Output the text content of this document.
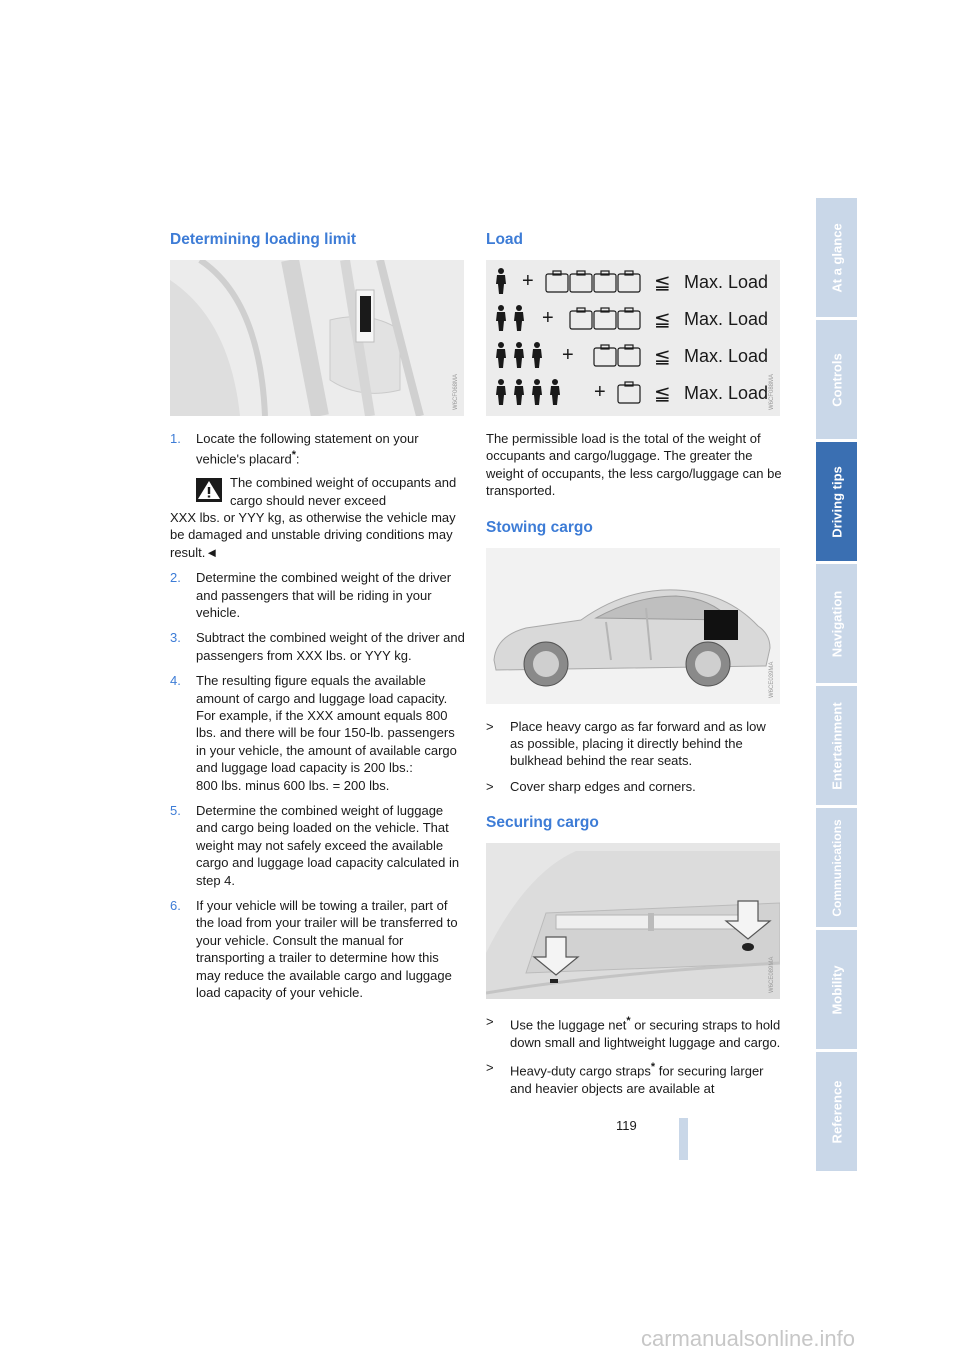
Determining loading limit
W6CF068MA
1. Locate the following statement on your vehicle's placard*:
The combined weight of occupants and cargo should never exceed
XXX lbs. or YYY kg, as otherwise the vehicle may be damaged and unstable driving conditions may result.◄
2. Determine the combined weight of the driver and passengers that will be riding in your vehicle.
3. Subtract the combined weight of the driver and passengers from XXX lbs. or YYY kg.
4. The resulting figure equals the available amount of cargo and luggage load capacity. For example, if the XXX amount equals 800 lbs. and there will be four 150-lb. passengers in your vehicle, the amount of available cargo and luggage load capacity is 200 lbs.:
800 lbs. minus 600 lbs. = 200 lbs.
5. Determine the combined weight of luggage and cargo being loaded on the vehicle. That weight may not safely exceed the available cargo and luggage load capacity calculated in step 4.
6. If your vehicle will be towing a trailer, part of the load from your trailer will be transferred to your vehicle. Consult the manual for transporting a trailer to determine how this may reduce the available cargo and luggage load capacity of your vehicle.
Load
+
+
+
+
≦
≦
≦
≦
Max. Load
Max. Load
Max. Load
Max. Load W6CF088MA

The permissible load is the total of the weight of occupants and cargo/luggage. The greater the weight of occupants, the less cargo/luggage can be transported.

Stowing cargo
W6CE039MA
> Place heavy cargo as far forward and as low as possible, placing it directly behind the bulkhead behind the rear seats.
> Cover sharp edges and corners.
Securing cargo
W6CE089MA
> Use the luggage net* or securing straps to hold down small and lightweight luggage and cargo.
> Heavy-duty cargo straps* for securing larger and heavier objects are available at
At a glance
Controls
Driving tips
Navigation
Entertainment
Communications
Mobility
Reference
119
carmanualsonline.info
